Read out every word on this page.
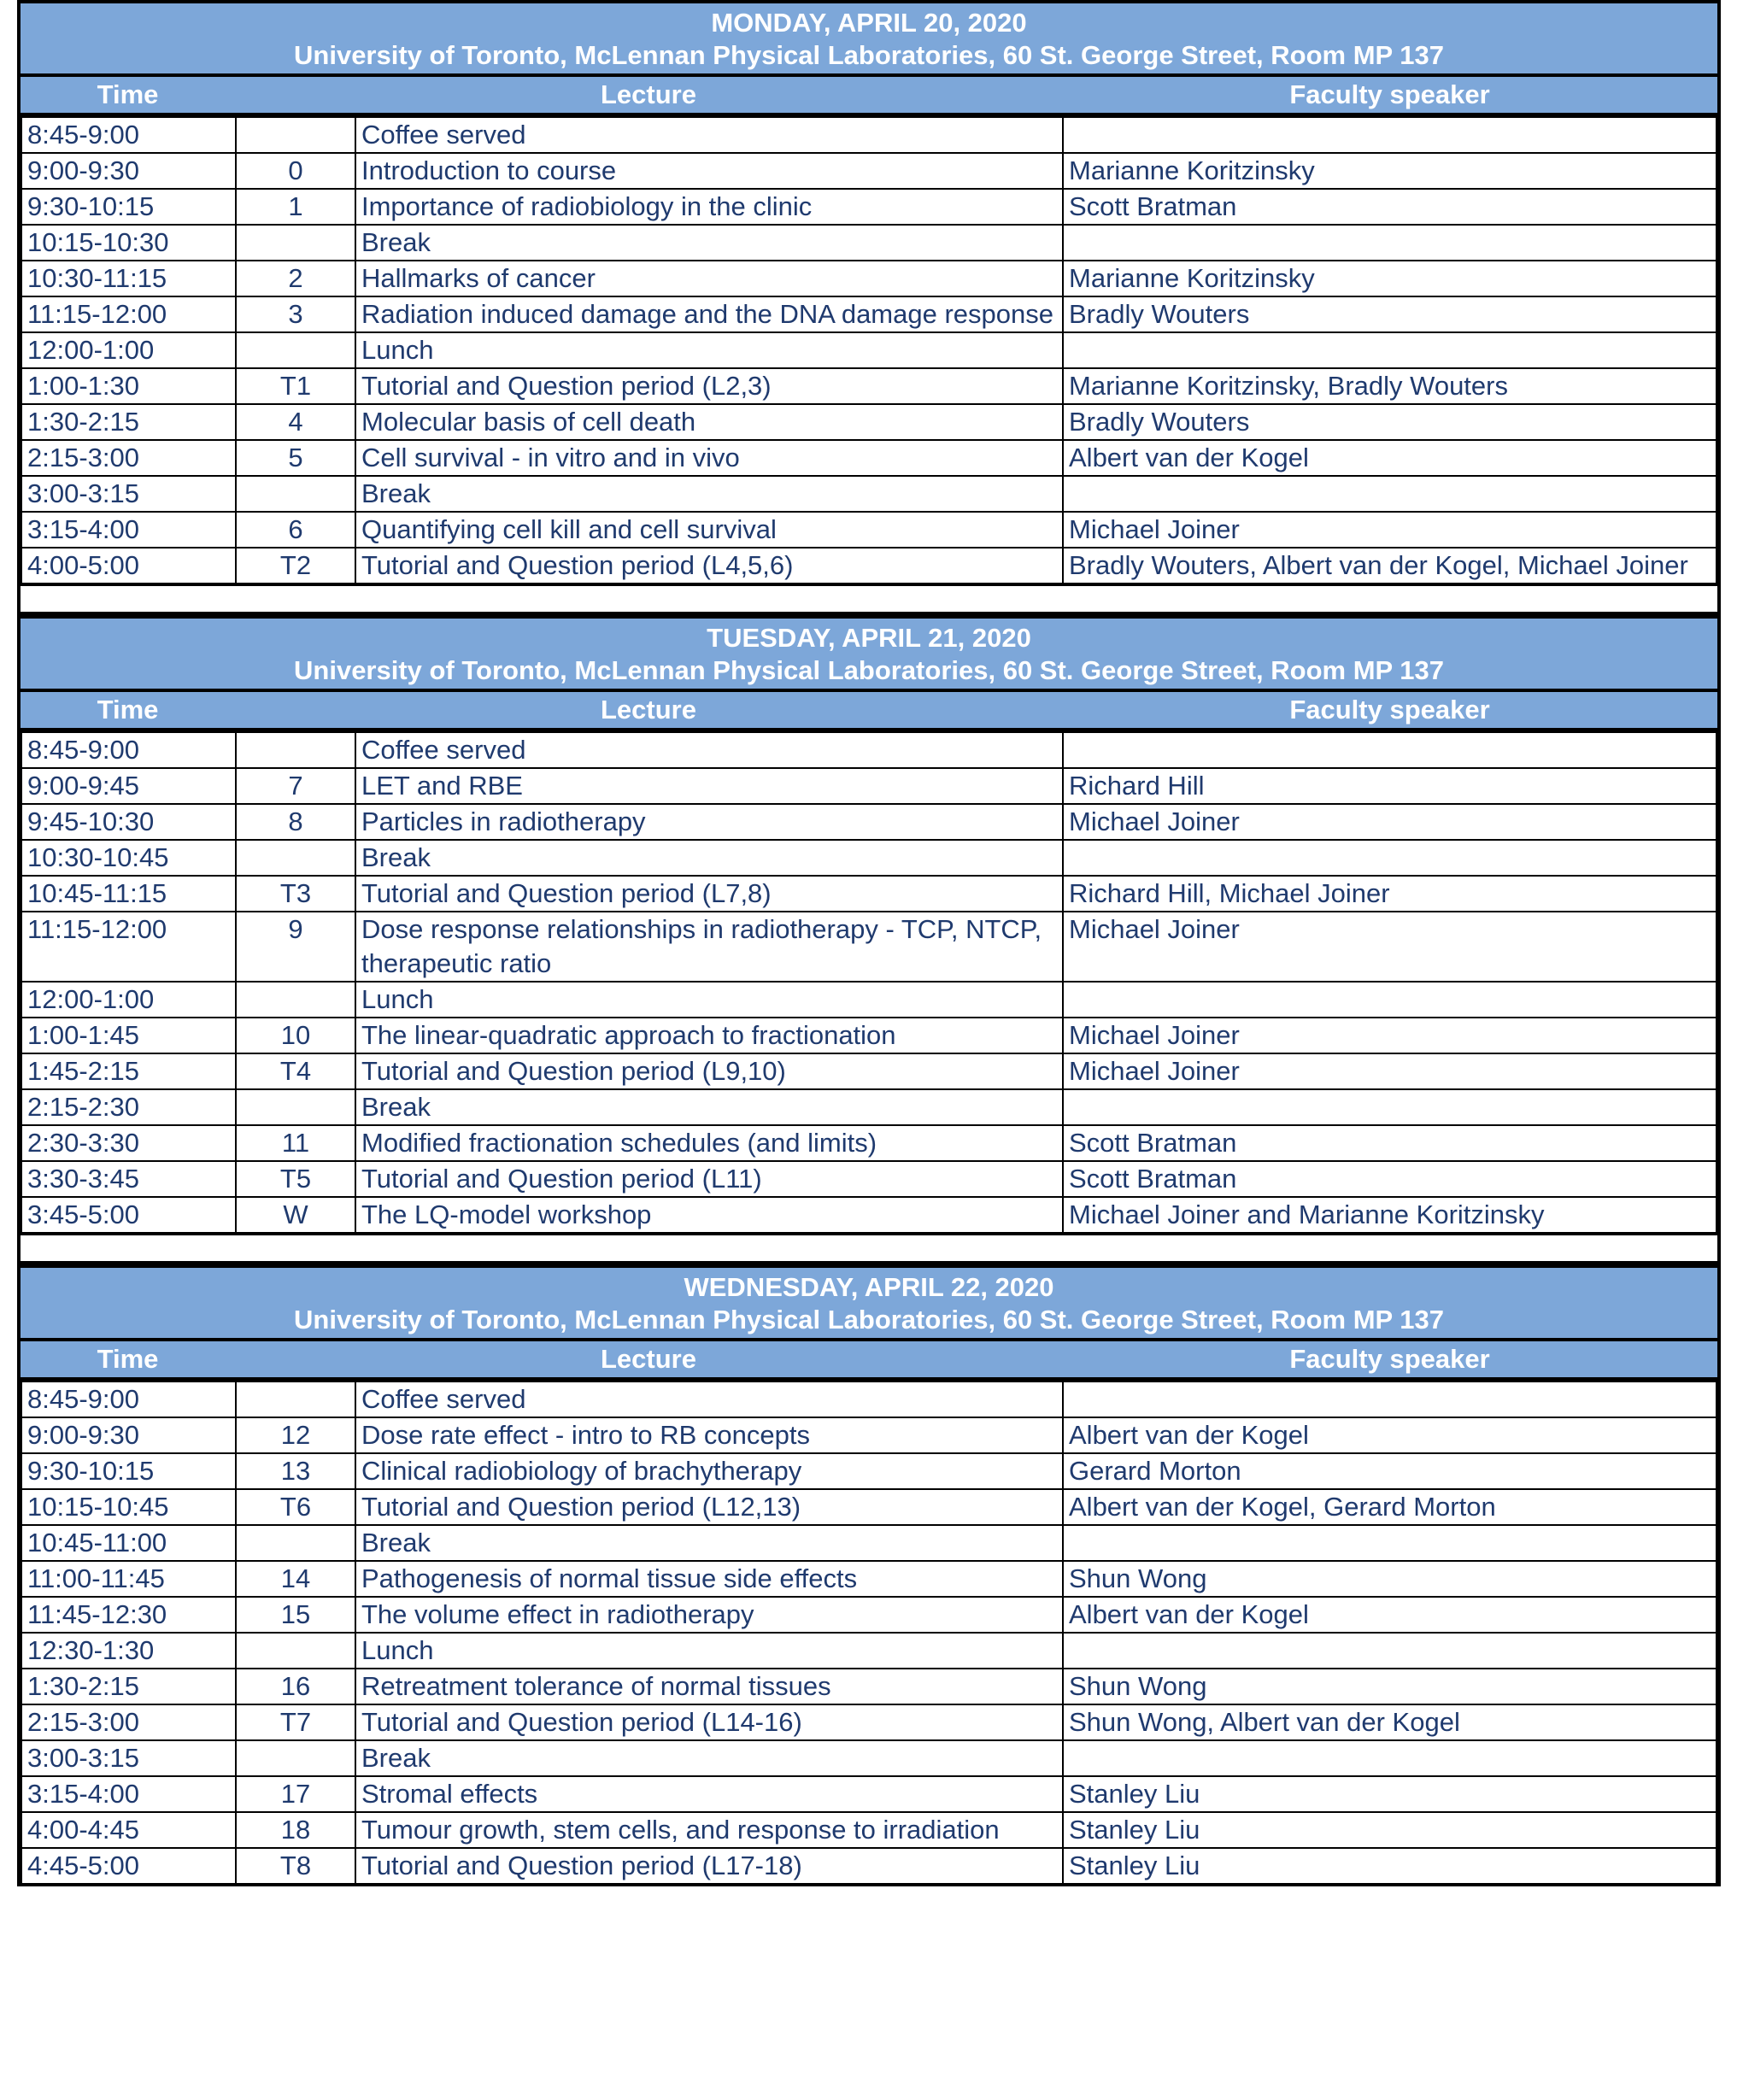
MONDAY, APRIL 20, 2020
University of Toronto, McLennan Physical Laboratories, 60 St. George Street, Room MP 137
Time	Lecture	Faculty speaker
8:45-9:00		Coffee served	
9:00-9:30	0	Introduction to course	Marianne Koritzinsky
9:30-10:15	1	Importance of radiobiology in the clinic	Scott Bratman
10:15-10:30		Break	
10:30-11:15	2	Hallmarks of cancer	Marianne Koritzinsky
11:15-12:00	3	Radiation induced damage and the DNA damage response	Bradly Wouters
12:00-1:00		Lunch	
1:00-1:30	T1	Tutorial and Question period (L2,3)	Marianne Koritzinsky, Bradly Wouters
1:30-2:15	4	Molecular basis of cell death	Bradly Wouters
2:15-3:00	5	Cell survival - in vitro and in vivo	Albert van der Kogel
3:00-3:15		Break	
3:15-4:00	6	Quantifying cell kill and cell survival	Michael Joiner
4:00-5:00	T2	Tutorial and Question period (L4,5,6)	Bradly Wouters, Albert van der Kogel, Michael Joiner
TUESDAY, APRIL 21, 2020
University of Toronto, McLennan Physical Laboratories, 60 St. George Street, Room MP 137
Time	Lecture	Faculty speaker
8:45-9:00		Coffee served	
9:00-9:45	7	LET and RBE	Richard Hill
9:45-10:30	8	Particles in radiotherapy	Michael Joiner
10:30-10:45		Break	
10:45-11:15	T3	Tutorial and Question period (L7,8)	Richard Hill, Michael Joiner
11:15-12:00	9	Dose response relationships in radiotherapy - TCP, NTCP, therapeutic ratio	Michael Joiner
12:00-1:00		Lunch	
1:00-1:45	10	The linear-quadratic approach to fractionation	Michael Joiner
1:45-2:15	T4	Tutorial and Question period (L9,10)	Michael Joiner
2:15-2:30		Break	
2:30-3:30	11	Modified fractionation schedules (and limits)	Scott Bratman
3:30-3:45	T5	Tutorial and Question period (L11)	Scott Bratman
3:45-5:00	W	The LQ-model workshop	Michael Joiner and Marianne Koritzinsky
WEDNESDAY, APRIL 22, 2020
University of Toronto, McLennan Physical Laboratories, 60 St. George Street, Room MP 137
Time	Lecture	Faculty speaker
8:45-9:00		Coffee served	
9:00-9:30	12	Dose rate effect - intro to RB concepts	Albert van der Kogel
9:30-10:15	13	Clinical radiobiology of brachytherapy	Gerard Morton
10:15-10:45	T6	Tutorial and Question period (L12,13)	Albert van der Kogel, Gerard Morton
10:45-11:00		Break	
11:00-11:45	14	Pathogenesis of normal tissue side effects	Shun Wong
11:45-12:30	15	The volume effect in radiotherapy	Albert van der Kogel
12:30-1:30		Lunch	
1:30-2:15	16	Retreatment tolerance of normal tissues	Shun Wong
2:15-3:00	T7	Tutorial and Question period (L14-16)	Shun Wong, Albert van der Kogel
3:00-3:15		Break	
3:15-4:00	17	Stromal effects	Stanley Liu
4:00-4:45	18	Tumour growth, stem cells, and response to irradiation	Stanley Liu
4:45-5:00	T8	Tutorial and Question period (L17-18)	Stanley Liu
